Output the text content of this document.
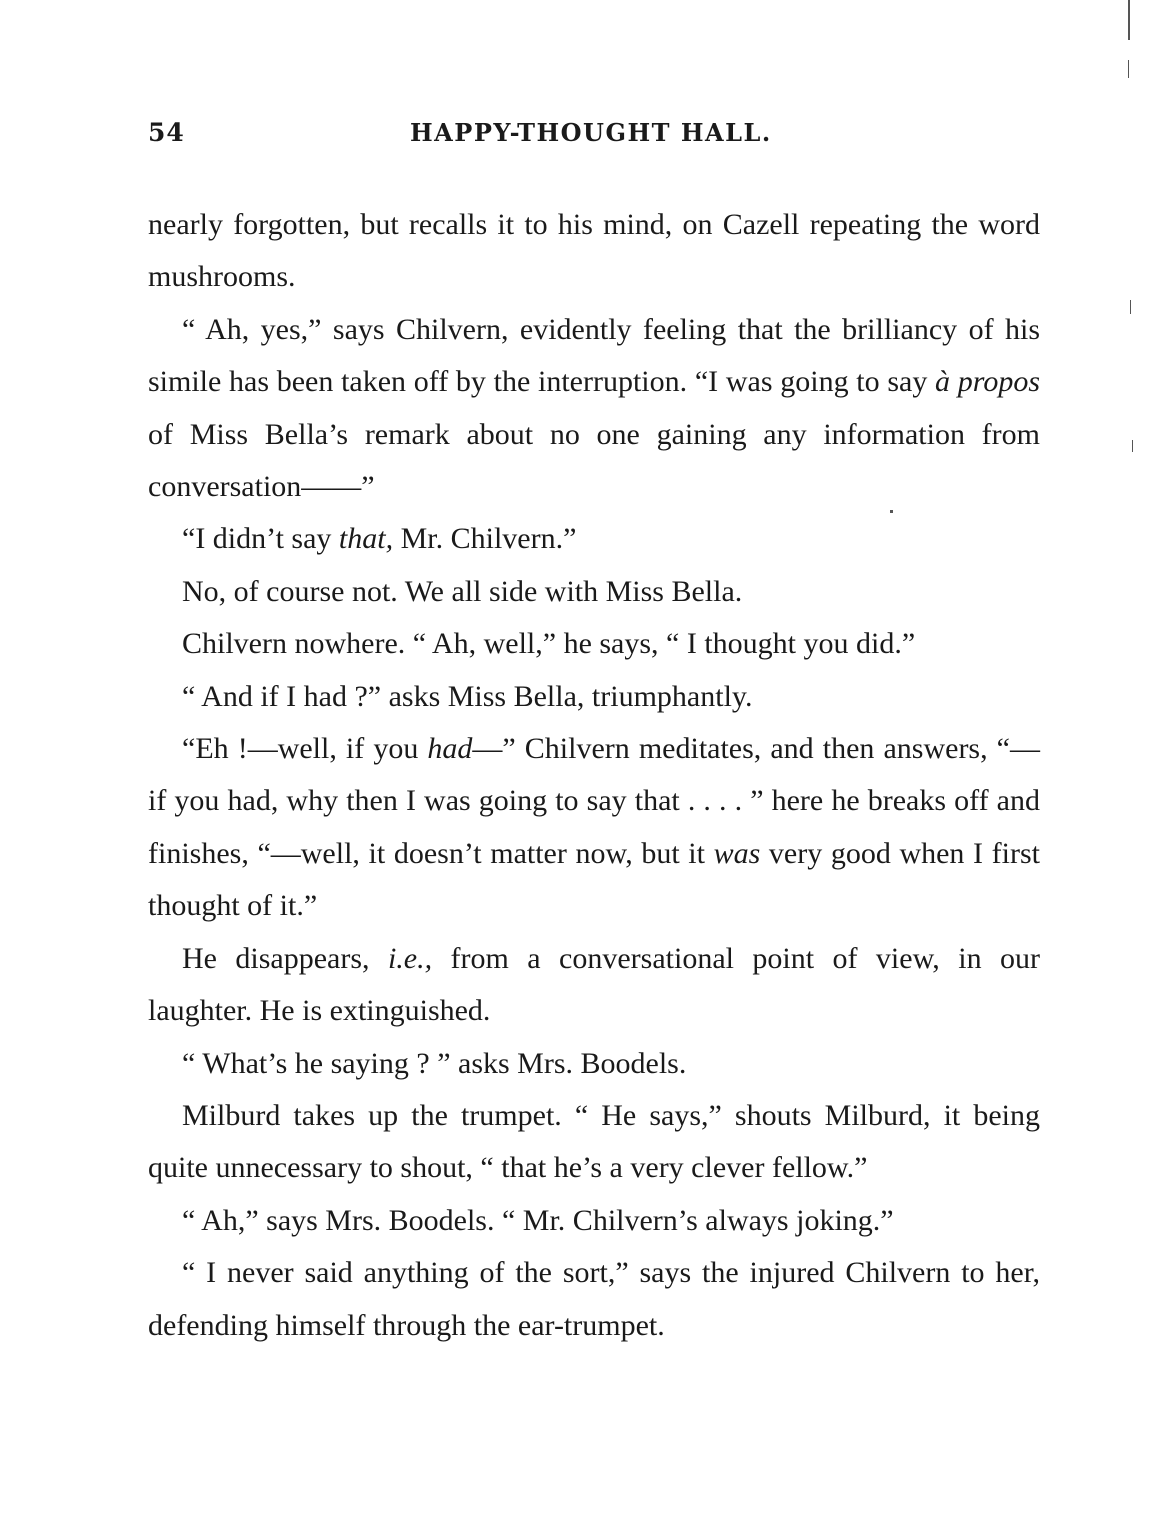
54	HAPPY-THOUGHT HALL.

nearly forgotten, but recalls it to his mind, on Cazell repeating the word mushrooms.

“ Ah, yes,” says Chilvern, evidently feeling that the brilliancy of his simile has been taken off by the interruption. “I was going to say à propos of Miss Bella’s remark about no one gaining any information from conversation——”

“I didn’t say that, Mr. Chilvern.”

No, of course not. We all side with Miss Bella.

Chilvern nowhere. “ Ah, well,” he says, “ I thought you did.”

“ And if I had ?” asks Miss Bella, triumphantly.

“Eh !—well, if you had—” Chilvern meditates, and then answers, “—if you had, why then I was going to say that . . . . ” here he breaks off and finishes, “—well, it doesn’t matter now, but it was very good when I first thought of it.”

He disappears, i.e., from a conversational point of view, in our laughter. He is extinguished.

“ What’s he saying ? ” asks Mrs. Boodels.

Milburd takes up the trumpet. “ He says,” shouts Milburd, it being quite unnecessary to shout, “ that he’s a very clever fellow.”

“ Ah,” says Mrs. Boodels. “ Mr. Chilvern’s always joking.”

“ I never said anything of the sort,” says the injured Chilvern to her, defending himself through the ear-trumpet.
